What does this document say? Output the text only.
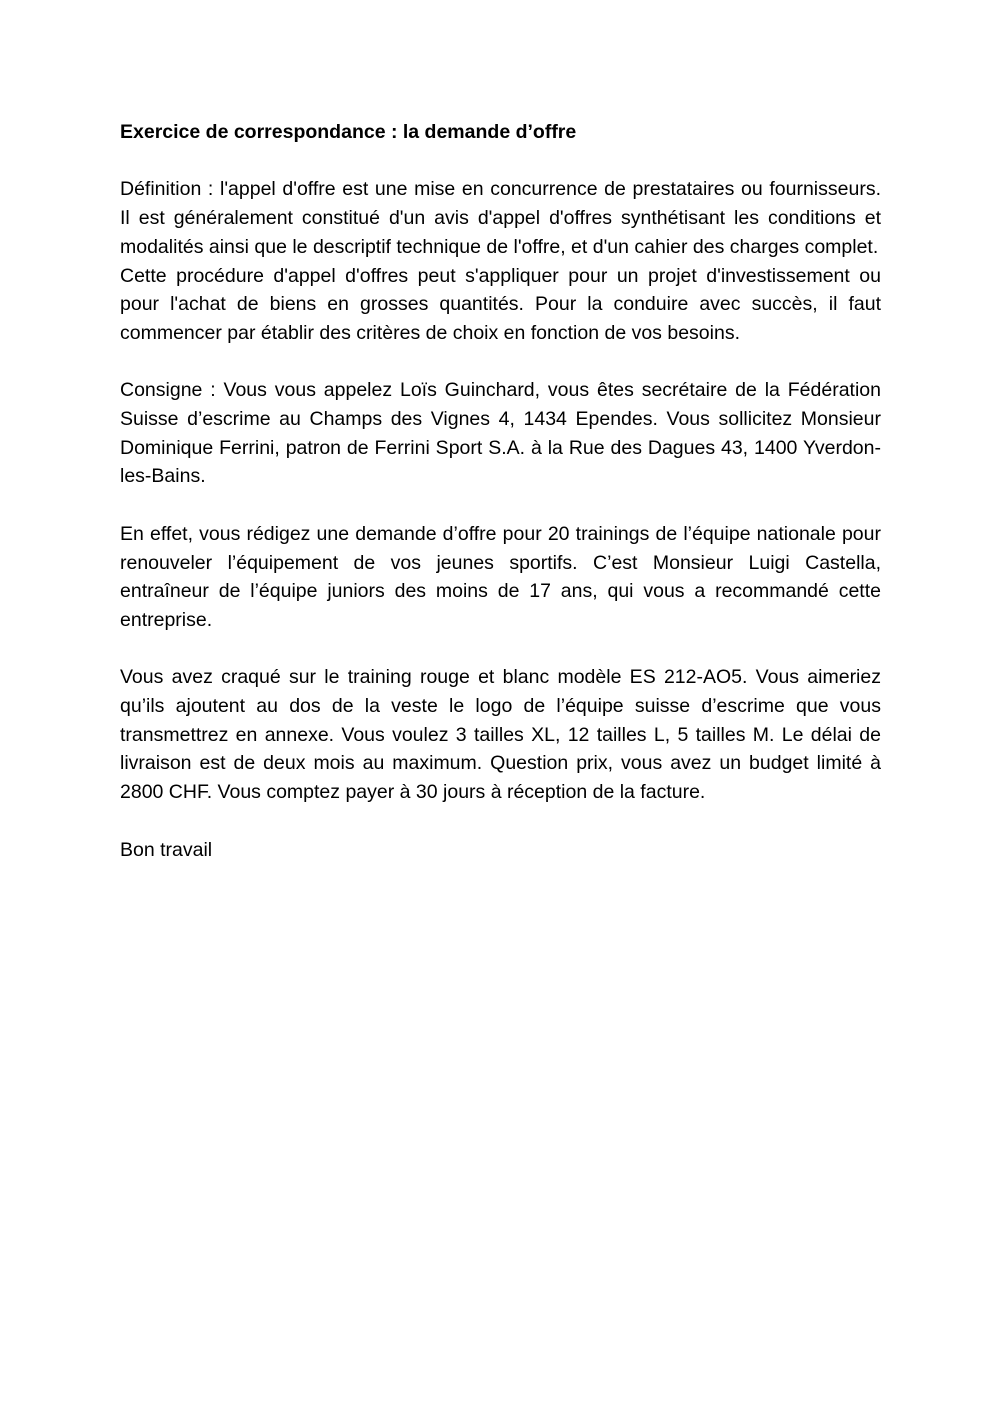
Exercice de correspondance : la demande d’offre

Définition : l'appel d'offre est une mise en concurrence de prestataires ou fournisseurs. Il est généralement constitué d'un avis d'appel d'offres synthétisant les conditions et modalités ainsi que le descriptif technique de l'offre, et d'un cahier des charges complet.

Cette procédure d'appel d'offres peut s'appliquer pour un projet d'investissement ou pour l'achat de biens en grosses quantités. Pour la conduire avec succès, il faut commencer par établir des critères de choix en fonction de vos besoins.

Consigne : Vous vous appelez Loïs Guinchard, vous êtes secrétaire de la Fédération Suisse d’escrime au Champs des Vignes 4, 1434 Ependes. Vous sollicitez Monsieur Dominique Ferrini, patron de Ferrini Sport S.A. à la Rue des Dagues 43, 1400 Yverdon-les-Bains.

En effet, vous rédigez une demande d’offre pour 20 trainings de l’équipe nationale pour renouveler l’équipement de vos jeunes sportifs. C’est Monsieur Luigi Castella, entraîneur de l’équipe juniors des moins de 17 ans, qui vous a recommandé cette entreprise.

Vous avez craqué sur le training rouge et blanc modèle ES 212-AO5. Vous aimeriez qu’ils ajoutent au dos de la veste le logo de l’équipe suisse d’escrime que vous transmettrez en annexe. Vous voulez 3 tailles XL, 12 tailles L, 5 tailles M. Le délai de livraison est de deux mois au maximum. Question prix, vous avez un budget limité à 2800 CHF. Vous comptez payer à 30 jours à réception de la facture.

Bon travail
